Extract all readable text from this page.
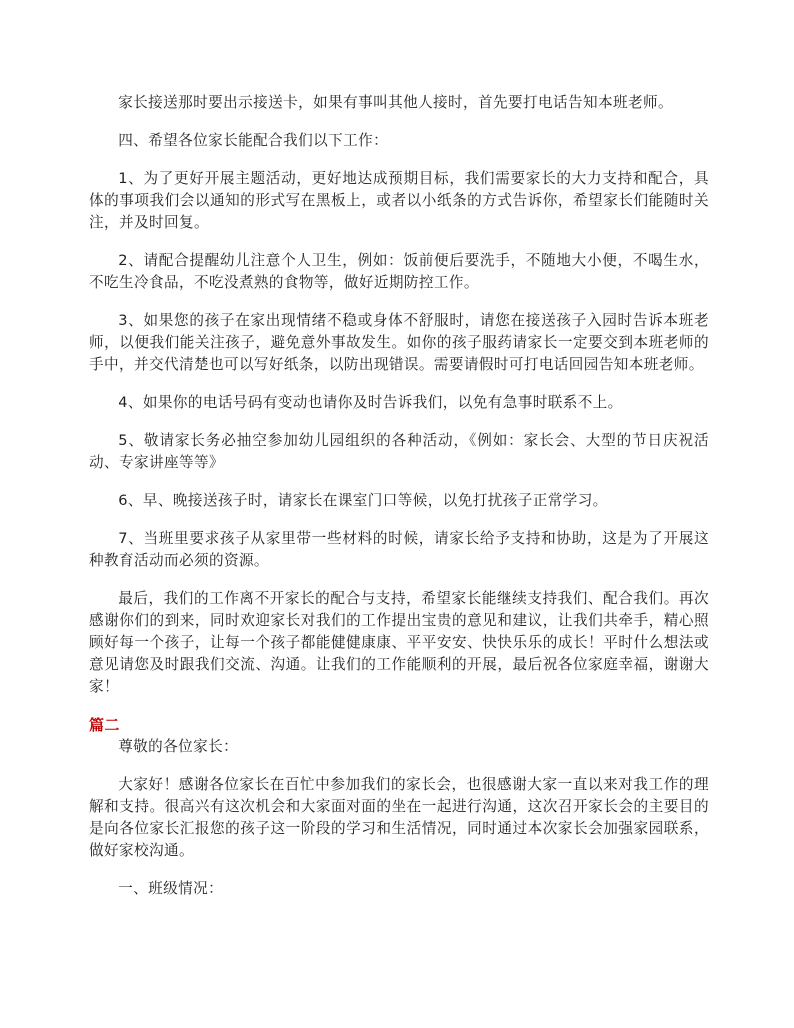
家长接送那时要出示接送卡，如果有事叫其他人接时，首先要打电话告知本班老师。

四、希望各位家长能配合我们以下工作：

1、为了更好开展主题活动，更好地达成预期目标，我们需要家长的大力支持和配合，具体的事项我们会以通知的形式写在黑板上，或者以小纸条的方式告诉你，希望家长们能随时关注，并及时回复。

2、请配合提醒幼儿注意个人卫生，例如：饭前便后要洗手，不随地大小便，不喝生水，不吃生冷食品，不吃没煮熟的食物等，做好近期防控工作。

3、如果您的孩子在家出现情绪不稳或身体不舒服时，请您在接送孩子入园时告诉本班老师，以便我们能关注孩子，避免意外事故发生。如你的孩子服药请家长一定要交到本班老师的手中，并交代清楚也可以写好纸条，以防出现错误。需要请假时可打电话回园告知本班老师。

4、如果你的电话号码有变动也请你及时告诉我们，以免有急事时联系不上。

5、敬请家长务必抽空参加幼儿园组织的各种活动，《例如：家长会、大型的节日庆祝活动、专家讲座等等》

6、早、晚接送孩子时，请家长在课室门口等候，以免打扰孩子正常学习。

7、当班里要求孩子从家里带一些材料的时候，请家长给予支持和协助，这是为了开展这种教育活动而必须的资源。

最后，我们的工作离不开家长的配合与支持，希望家长能继续支持我们、配合我们。再次感谢你们的到来，同时欢迎家长对我们的工作提出宝贵的意见和建议，让我们共牵手，精心照顾好每一个孩子，让每一个孩子都能健健康康、平平安安、快快乐乐的成长！平时什么想法或意见请您及时跟我们交流、沟通。让我们的工作能顺利的开展，最后祝各位家庭幸福，谢谢大家！

篇二

尊敬的各位家长：

大家好！感谢各位家长在百忙中参加我们的家长会，也很感谢大家一直以来对我工作的理解和支持。很高兴有这次机会和大家面对面的坐在一起进行沟通，这次召开家长会的主要目的是向各位家长汇报您的孩子这一阶段的学习和生活情况，同时通过本次家长会加强家园联系，做好家校沟通。

一、班级情况：
